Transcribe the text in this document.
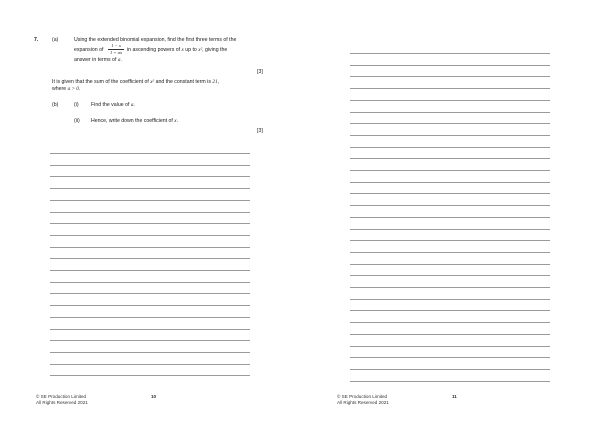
7.	(a)	Using the extended binomial expansion, find the first three terms of the
expansion of
1 − x
1 + ax in ascending powers of x up to x², giving the
answer in terms of a.
[3]
It is given that the sum of the coefficient of x² and the constant term is 21,
where a > 0.
(b)	(i) Find the value of a.
(ii) Hence, write down the coefficient of x.
[3]
© SE Production Limited
All Rights Reserved 2021
10	© SE Production Limited
All Rights Reserved 2021
11
